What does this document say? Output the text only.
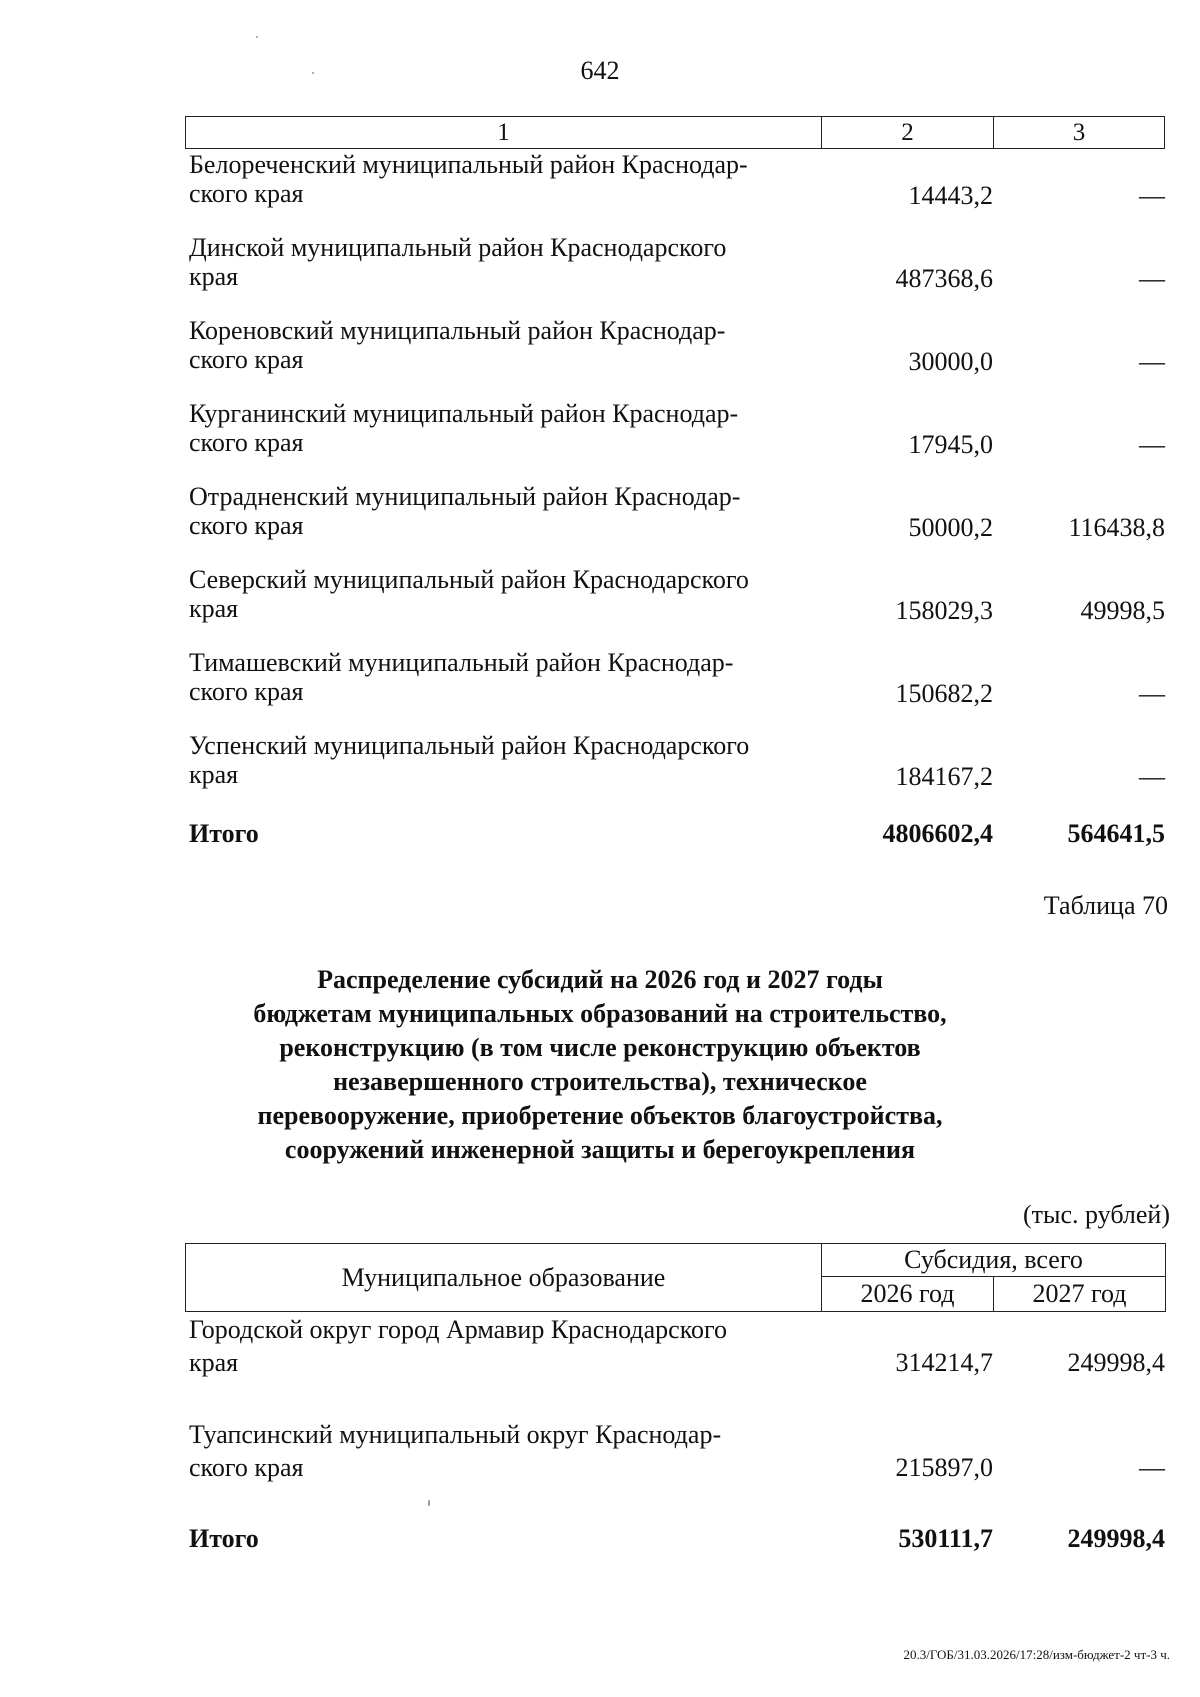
642
1	2	3
Белореченский муниципальный район Краснодар-
ского края	14443,2	—
Динской муниципальный район Краснодарского
края	487368,6	—
Кореновский муниципальный район Краснодар-
ского края	30000,0	—
Курганинский муниципальный район Краснодар-
ского края	17945,0	—
Отрадненский муниципальный район Краснодар-
ского края	50000,2	116438,8
Северский муниципальный район Краснодарского
края	158029,3	49998,5
Тимашевский муниципальный район Краснодар-
ского края	150682,2	—
Успенский муниципальный район Краснодарского
края	184167,2	—
Итого	4806602,4	564641,5
Таблица 70
Распределение субсидий на 2026 год и 2027 годы
бюджетам муниципальных образований на строительство,
реконструкцию (в том числе реконструкцию объектов
незавершенного строительства), техническое
перевооружение, приобретение объектов благоустройства,
сооружений инженерной защиты и берегоукрепления
(тыс. рублей)
Муниципальное образование
Субсидия, всего
2026 год	2027 год
Городской округ город Армавир Краснодарского
края	314214,7	249998,4
Туапсинский муниципальный округ Краснодар-
ского края	215897,0	—
Итого	530111,7	249998,4
20.3/ГОБ/31.03.2026/17:28/изм-бюджет-2 чт-3 ч.
